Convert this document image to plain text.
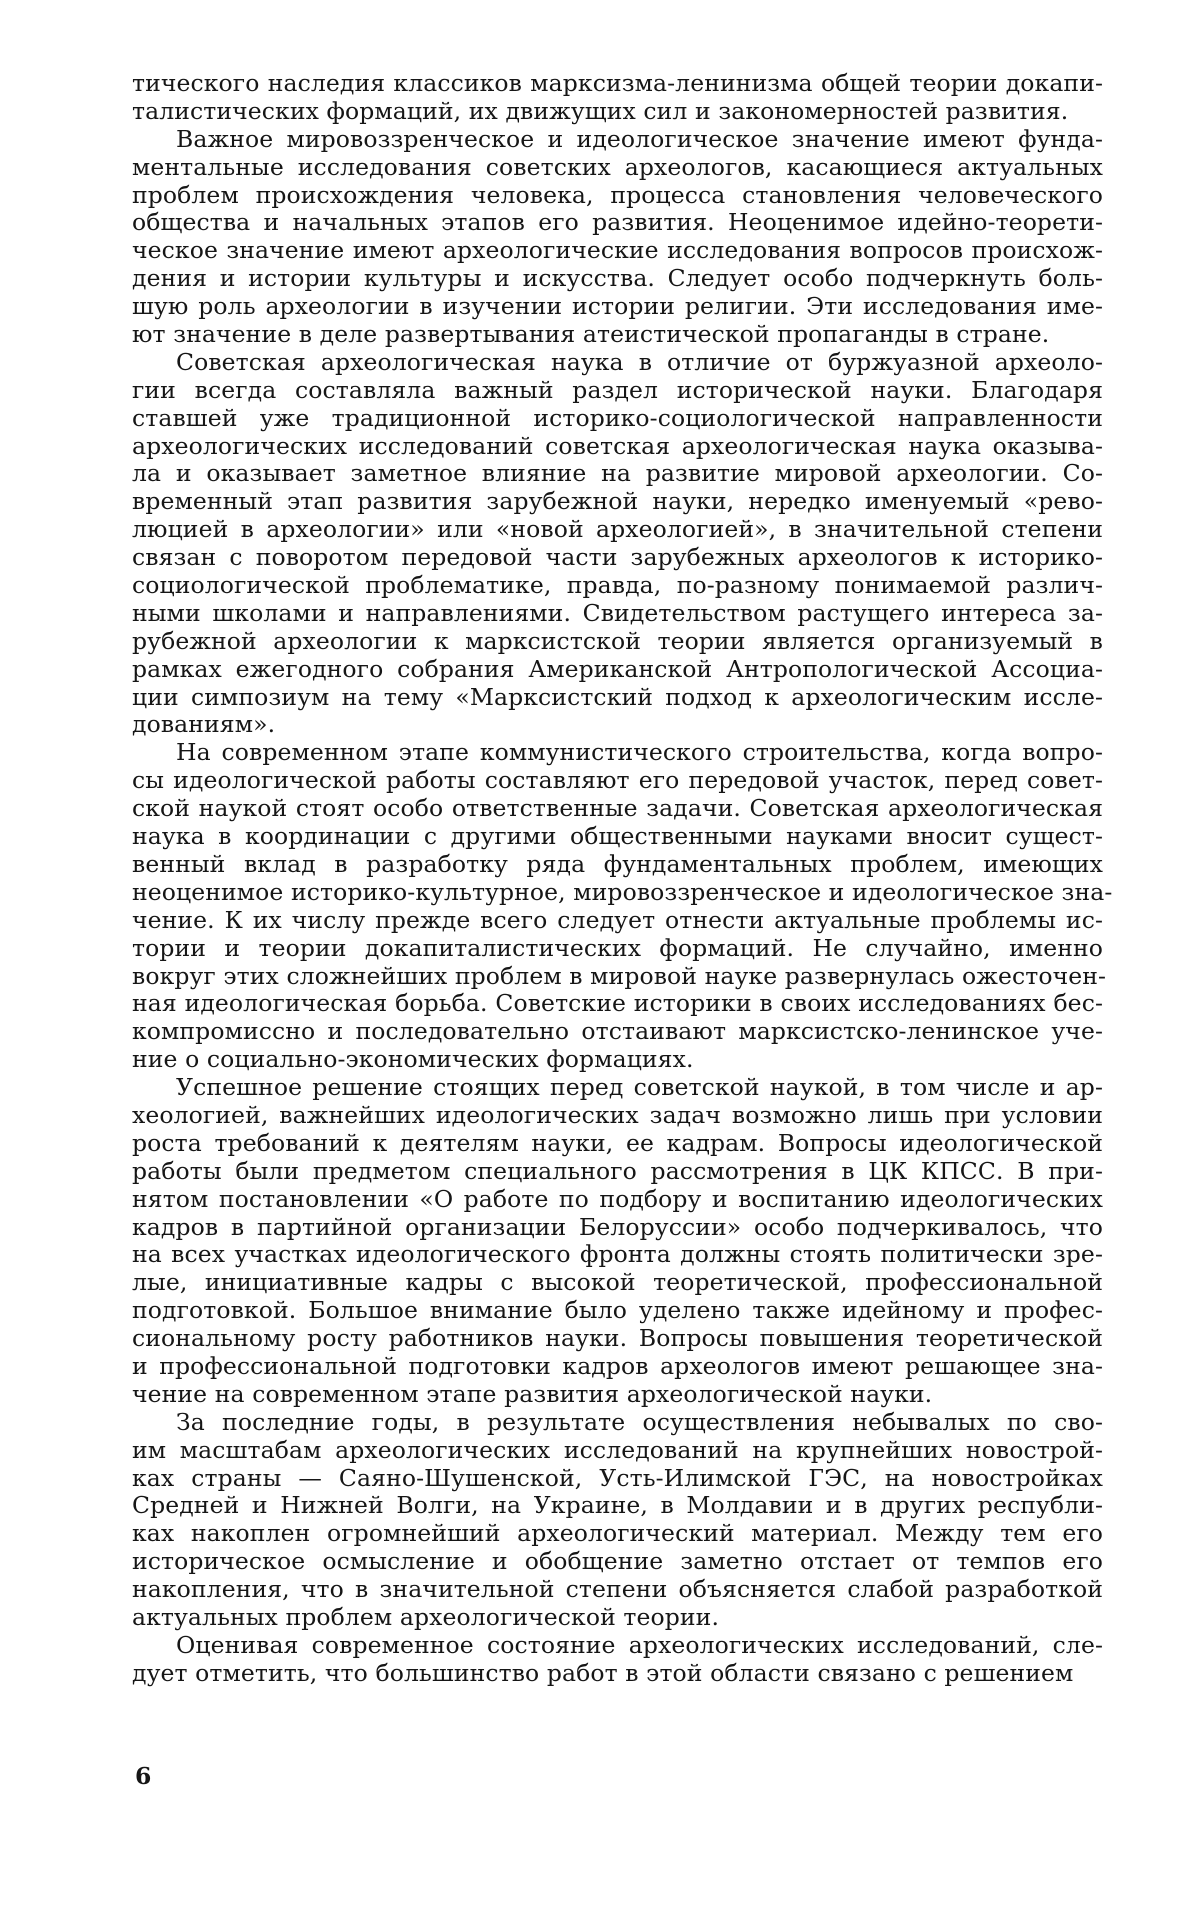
тического наследия классиков марксизма-ленинизма общей теории докапи-
талистических формаций, их движущих сил и закономерностей развития.
Важное мировоззренческое и идеологическое значение имеют фунда-
ментальные исследования советских археологов, касающиеся актуальных
проблем происхождения человека, процесса становления человеческого
общества и начальных этапов его развития. Неоценимое идейно-теорети-
ческое значение имеют археологические исследования вопросов происхож-
дения и истории культуры и искусства. Следует особо подчеркнуть боль-
шую роль археологии в изучении истории религии. Эти исследования име-
ют значение в деле развертывания атеистической пропаганды в стране.
Советская археологическая наука в отличие от буржуазной археоло-
гии всегда составляла важный раздел исторической науки. Благодаря
ставшей уже традиционной историко-социологической направленности
археологических исследований советская археологическая наука оказыва-
ла и оказывает заметное влияние на развитие мировой археологии. Со-
временный этап развития зарубежной науки, нередко именуемый «рево-
люцией в археологии» или «новой археологией», в значительной степени
связан с поворотом передовой части зарубежных археологов к историко-
социологической проблематике, правда, по-разному понимаемой различ-
ными школами и направлениями. Свидетельством растущего интереса за-
рубежной археологии к марксистской теории является организуемый в
рамках ежегодного собрания Американской Антропологической Ассоциа-
ции симпозиум на тему «Марксистский подход к археологическим иссле-
дованиям».
На современном этапе коммунистического строительства, когда вопро-
сы идеологической работы составляют его передовой участок, перед совет-
ской наукой стоят особо ответственные задачи. Советская археологическая
наука в координации с другими общественными науками вносит сущест-
венный вклад в разработку ряда фундаментальных проблем, имеющих
неоценимое историко-культурное, мировоззренческое и идеологическое зна-
чение. К их числу прежде всего следует отнести актуальные проблемы ис-
тории и теории докапиталистических формаций. Не случайно, именно
вокруг этих сложнейших проблем в мировой науке развернулась ожесточен-
ная идеологическая борьба. Советские историки в своих исследованиях бес-
компромиссно и последовательно отстаивают марксистско-ленинское уче-
ние о социально-экономических формациях.
Успешное решение стоящих перед советской наукой, в том числе и ар-
хеологией, важнейших идеологических задач возможно лишь при условии
роста требований к деятелям науки, ее кадрам. Вопросы идеологической
работы были предметом специального рассмотрения в ЦК КПСС. В при-
нятом постановлении «О работе по подбору и воспитанию идеологических
кадров в партийной организации Белоруссии» особо подчеркивалось, что
на всех участках идеологического фронта должны стоять политически зре-
лые, инициативные кадры с высокой теоретической, профессиональной
подготовкой. Большое внимание было уделено также идейному и профес-
сиональному росту работников науки. Вопросы повышения теоретической
и профессиональной подготовки кадров археологов имеют решающее зна-
чение на современном этапе развития археологической науки.
За последние годы, в результате осуществления небывалых по сво-
им масштабам археологических исследований на крупнейших новострой-
ках страны — Саяно-Шушенской, Усть-Илимской ГЭС, на новостройках
Средней и Нижней Волги, на Украине, в Молдавии и в других республи-
ках накоплен огромнейший археологический материал. Между тем его
историческое осмысление и обобщение заметно отстает от темпов его
накопления, что в значительной степени объясняется слабой разработкой
актуальных проблем археологической теории.
Оценивая современное состояние археологических исследований, сле-
дует отметить, что большинство работ в этой области связано с решением
6
